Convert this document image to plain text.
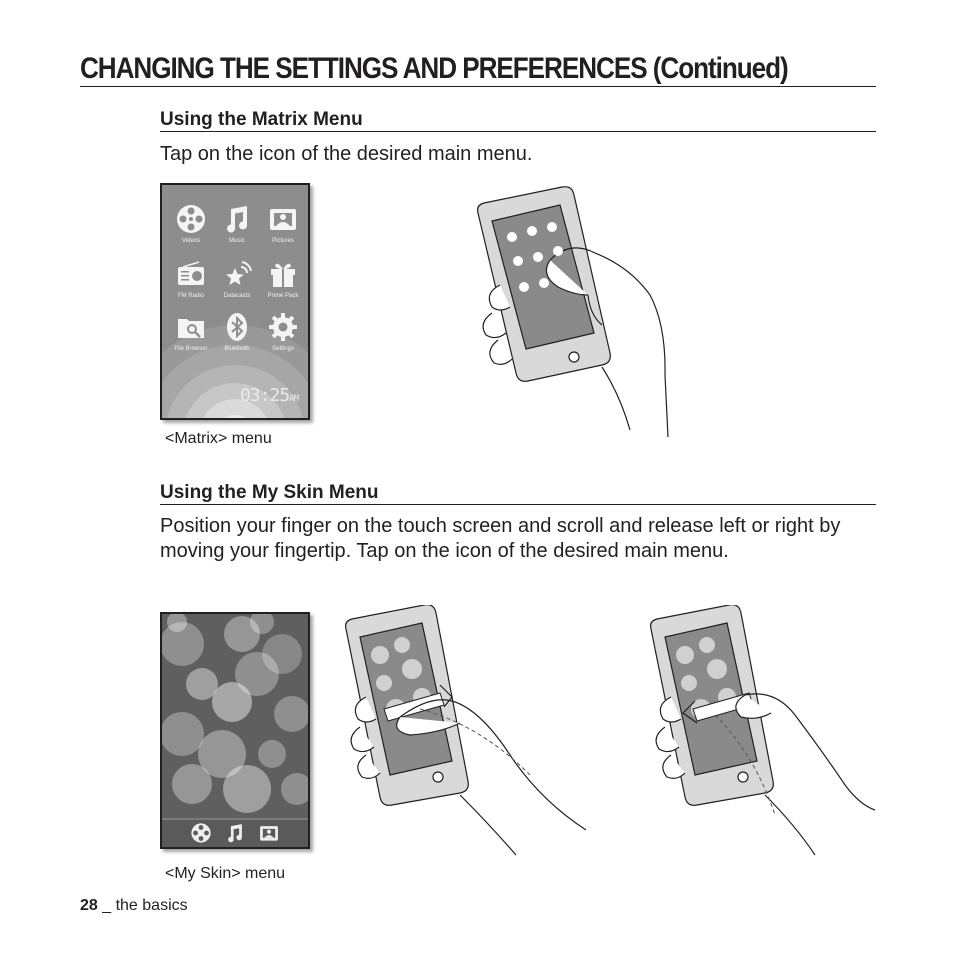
CHANGING THE SETTINGS AND PREFERENCES (Continued)
Using the Matrix Menu
Tap on the icon of the desired main menu.
Videos	Music	Pictures
FM Radio	Datacasts	Prime Pack
File Browser	Bluetooth	Settings
03:25AM
<Matrix> menu
Using the My Skin Menu
Position your finger on the touch screen and scroll and release left or right by moving your fingertip. Tap on the icon of the desired main menu.
<My Skin> menu
28 _ the basics
